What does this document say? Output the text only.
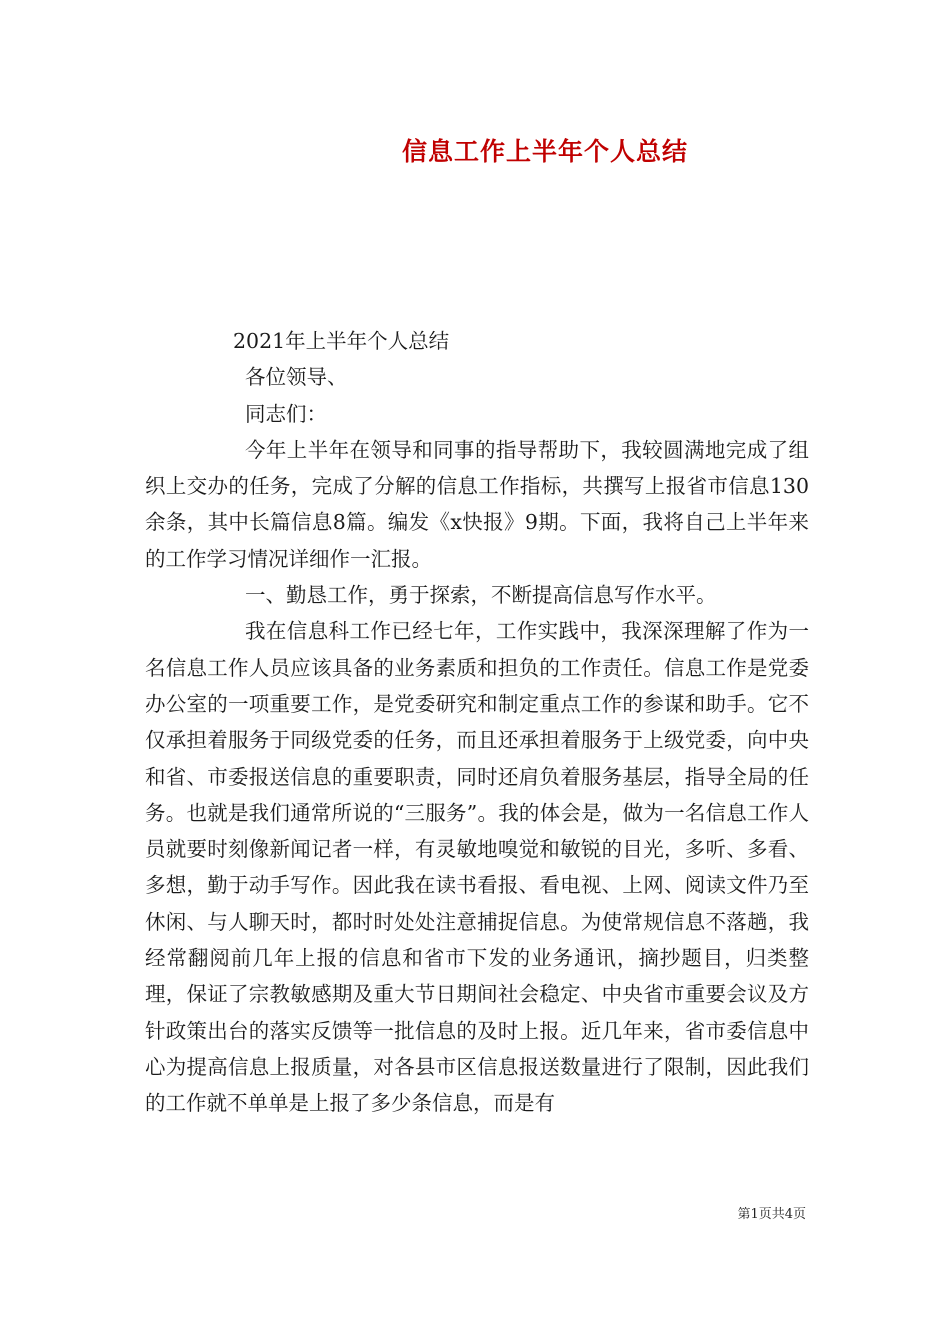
信息工作上半年个人总结

2021年上半年个人总结

各位领导、

同志们：

今年上半年在领导和同事的指导帮助下，我较圆满地完成了组织上交办的任务，完成了分解的信息工作指标，共撰写上报省市信息130余条，其中长篇信息8篇。编发《x快报》9期。下面，我将自己上半年来的工作学习情况详细作一汇报。

一、勤恳工作，勇于探索，不断提高信息写作水平。

我在信息科工作已经七年，工作实践中，我深深理解了作为一名信息工作人员应该具备的业务素质和担负的工作责任。信息工作是党委办公室的一项重要工作，是党委研究和制定重点工作的参谋和助手。它不仅承担着服务于同级党委的任务，而且还承担着服务于上级党委，向中央和省、市委报送信息的重要职责，同时还肩负着服务基层，指导全局的任务。也就是我们通常所说的“三服务”。我的体会是，做为一名信息工作人员就要时刻像新闻记者一样，有灵敏地嗅觉和敏锐的目光，多听、多看、多想，勤于动手写作。因此我在读书看报、看电视、上网、阅读文件乃至休闲、与人聊天时，都时时处处注意捕捉信息。为使常规信息不落趟，我经常翻阅前几年上报的信息和省市下发的业务通讯，摘抄题目，归类整理，保证了宗教敏感期及重大节日期间社会稳定、中央省市重要会议及方针政策出台的落实反馈等一批信息的及时上报。近几年来，省市委信息中心为提高信息上报质量，对各县市区信息报送数量进行了限制，因此我们的工作就不单单是上报了多少条信息，而是有

第1页共4页
